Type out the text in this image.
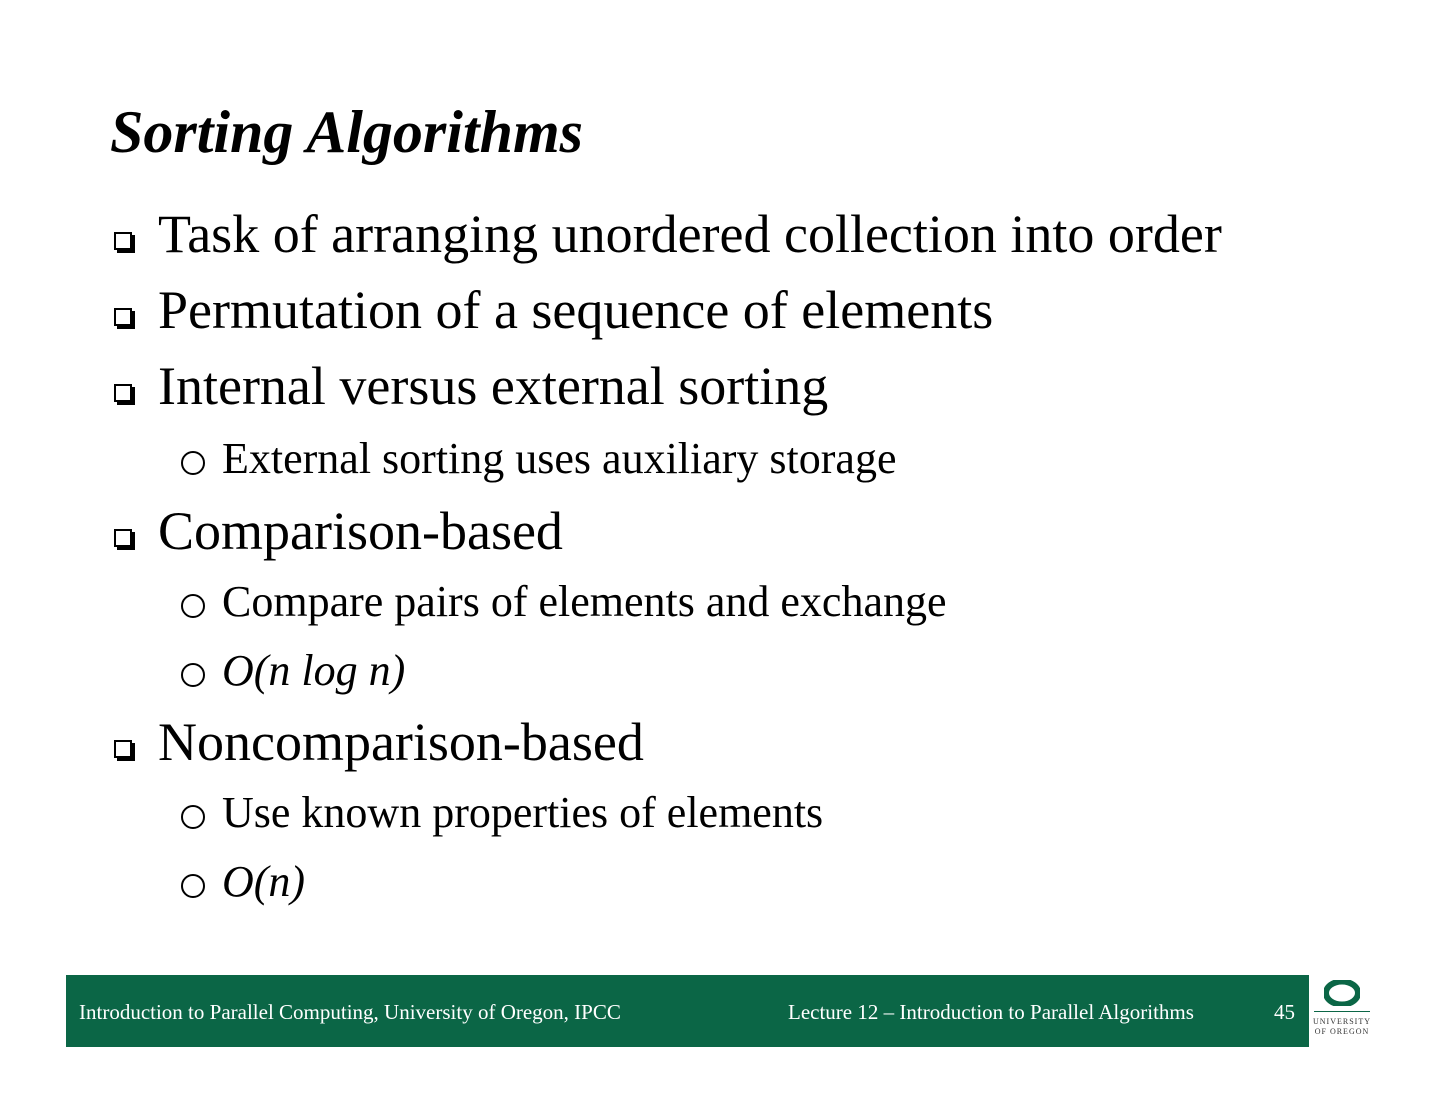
Sorting Algorithms
Task of arranging unordered collection into order
Permutation of a sequence of elements
Internal versus external sorting
External sorting uses auxiliary storage
Comparison-based
Compare pairs of elements and exchange
O(n log n)
Noncomparison-based
Use known properties of elements
O(n)
Introduction to Parallel Computing, University of Oregon, IPCC	Lecture 12 – Introduction to Parallel Algorithms	45 UNIVERSITY
OF OREGON
